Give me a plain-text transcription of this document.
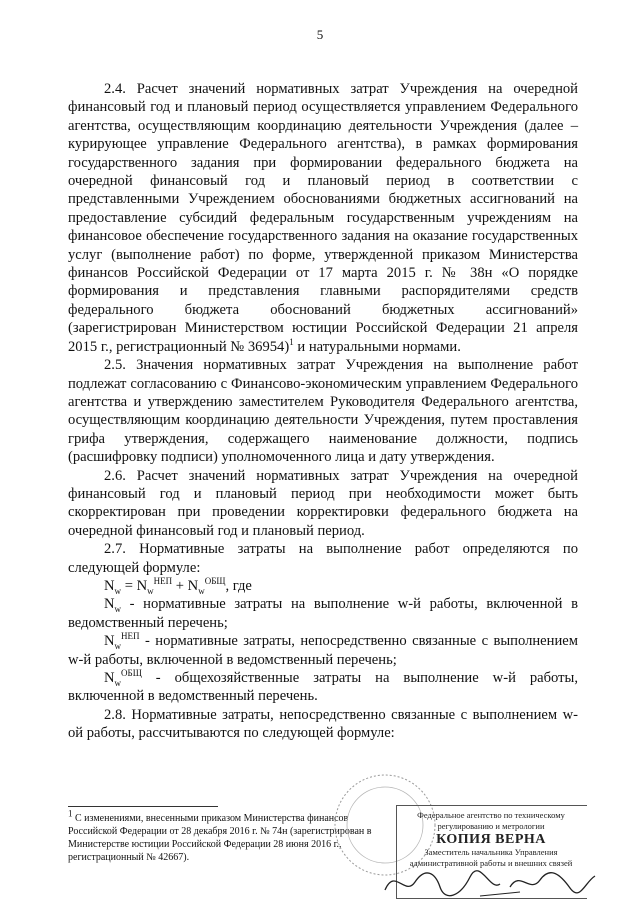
5

2.4. Расчет значений нормативных затрат Учреждения на очередной финансовый год и плановый период осуществляется управлением Федерального агентства, осуществляющим координацию деятельности Учреждения (далее – курирующее управление Федерального агентства), в рамках формирования государственного задания при формировании федерального бюджета на очередной финансовый год и плановый период в соответствии с представленными Учреждением обоснованиями бюджетных ассигнований на предоставление субсидий федеральным государственным учреждениям на финансовое обеспечение государственного задания на оказание государственных услуг (выполнение работ) по форме, утвержденной приказом Министерства финансов Российской Федерации от 17 марта 2015 г. № 38н «О порядке формирования и представления главными распорядителями средств федерального бюджета обоснований бюджетных ассигнований» (зарегистрирован Министерством юстиции Российской Федерации 21 апреля 2015 г., регистрационный № 36954)$^1$ и натуральными нормами.

2.5. Значения нормативных затрат Учреждения на выполнение работ подлежат согласованию с Финансово-экономическим управлением Федерального агентства и утверждению заместителем Руководителя Федерального агентства, осуществляющим координацию деятельности Учреждения, путем проставления грифа утверждения, содержащего наименование должности, подпись (расшифровку подписи) уполномоченного лица и дату утверждения.

2.6. Расчет значений нормативных затрат Учреждения на очередной финансовый год и плановый период при необходимости может быть скорректирован при проведении корректировки федерального бюджета на очередной финансовый год и плановый период.

2.7. Нормативные затраты на выполнение работ определяются по следующей формуле:

$N_w = N_w^{НЕП} + N_w^{ОБЩ}$, где

$N_w$ - нормативные затраты на выполнение w-й работы, включенной в ведомственный перечень;

$N_w^{НЕП}$ - нормативные затраты, непосредственно связанные с выполнением w-й работы, включенной в ведомственный перечень;

$N_w^{ОБЩ}$ - общехозяйственные затраты на выполнение w-й работы, включенной в ведомственный перечень.

2.8. Нормативные затраты, непосредственно связанные с выполнением w-ой работы, рассчитываются по следующей формуле:

$^1$ С изменениями, внесенными приказом Министерства финансов Российской Федерации от 28 декабря 2016 г. № 74н (зарегистрирован в Министерстве юстиции Российской Федерации 28 июня 2016 г., регистрационный № 42667).
Федеральное агентство по техническому
регулированию и метрологии
КОПИЯ ВЕРНА
Заместитель начальника Управления
административной работы и внешних связей
